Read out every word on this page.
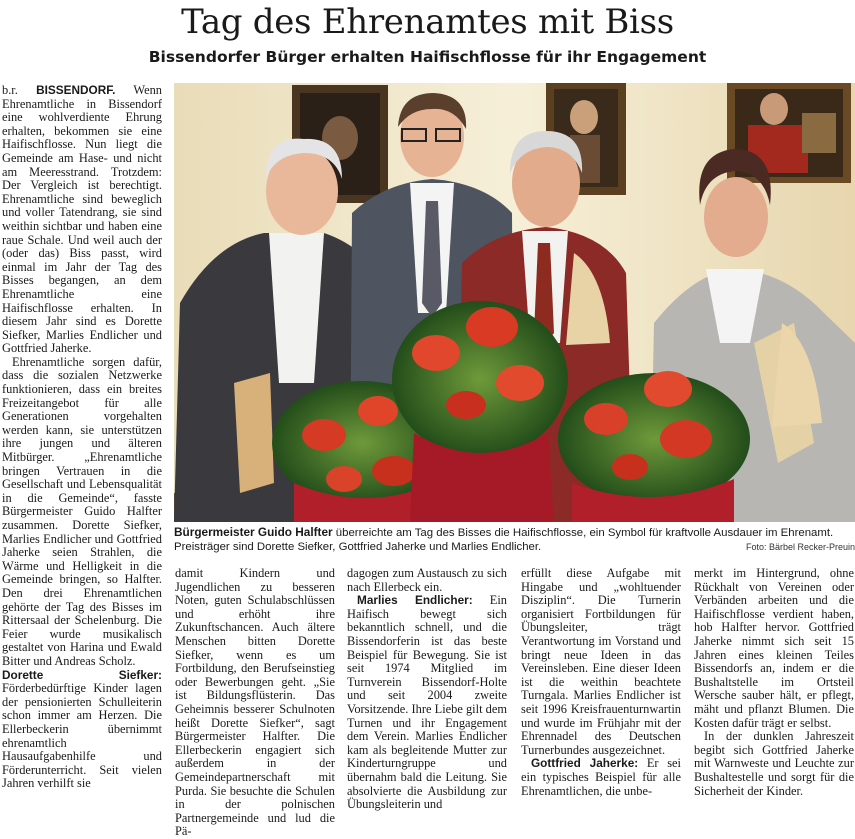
Tag des Ehrenamtes mit Biss
Bissendorfer Bürger erhalten Haifischflosse für ihr Engagement

b.r. BISSENDORF. Wenn Ehrenamtliche in Bissendorf eine wohlverdiente Ehrung erhalten, bekommen sie eine Haifischflosse. Nun liegt die Gemeinde am Hase- und nicht am Meeresstrand. Trotzdem: Der Vergleich ist berechtigt. Ehrenamtliche sind beweglich und voller Tatendrang, sie sind weithin sichtbar und haben eine raue Schale. Und weil auch der (oder das) Biss passt, wird einmal im Jahr der Tag des Bisses begangen, an dem Ehrenamtliche eine Haifischflosse erhalten. In diesem Jahr sind es Dorette Siefker, Marlies Endlicher und Gottfried Jaherke.

Ehrenamtliche sorgen dafür, dass die sozialen Netzwerke funktionieren, dass ein breites Freizeitangebot für alle Generationen vorgehalten werden kann, sie unterstützen ihre jungen und älteren Mitbürger. „Ehrenamtliche bringen Vertrauen in die Gesellschaft und Lebensqualität in die Gemeinde“, fasste Bürgermeister Guido Halfter zusammen. Dorette Siefker, Marlies Endlicher und Gottfried Jaherke seien Strahlen, die Wärme und Helligkeit in die Gemeinde bringen, so Halfter. Den drei Ehrenamtlichen gehörte der Tag des Bisses im Rittersaal der Schelenburg. Die Feier wurde musikalisch gestaltet von Harina und Ewald Bitter und Andreas Scholz.

Dorette Siefker: Förderbedürftige Kinder lagen der pensionierten Schulleiterin schon immer am Herzen. Die Ellerbeckerin übernimmt ehrenamtlich Hausaufgabenhilfe und Förderunterricht. Seit vielen Jahren verhilft sie

Bürgermeister Guido Halfter überreichte am Tag des Bisses die Haifischflosse, ein Symbol für kraftvolle Ausdauer im Ehrenamt. Preisträger sind Dorette Siefker, Gottfried Jaherke und Marlies Endlicher.	Foto: Bärbel Recker-Preuin

damit Kindern und Jugendlichen zu besseren Noten, guten Schulabschlüssen und erhöht ihre Zukunftschancen. Auch ältere Menschen bitten Dorette Siefker, wenn es um Fortbildung, den Berufseinstieg oder Bewerbungen geht. „Sie ist Bildungsflüsterin. Das Geheimnis besserer Schulnoten heißt Dorette Siefker“, sagt Bürgermeister Halfter. Die Ellerbeckerin engagiert sich außerdem in der Gemeindepartnerschaft mit Purda. Sie besuchte die Schulen in der polnischen Partnergemeinde und lud die Pä-

dagogen zum Austausch zu sich nach Ellerbeck ein.

Marlies Endlicher: Ein Haifisch bewegt sich bekanntlich schnell, und die Bissendorferin ist das beste Beispiel für Bewegung. Sie ist seit 1974 Mitglied im Turnverein Bissendorf-Holte und seit 2004 zweite Vorsitzende. Ihre Liebe gilt dem Turnen und ihr Engagement dem Verein. Marlies Endlicher kam als begleitende Mutter zur Kinderturngruppe und übernahm bald die Leitung. Sie absolvierte die Ausbildung zur Übungsleiterin und

erfüllt diese Aufgabe mit Hingabe und „wohltuender Disziplin“. Die Turnerin organisiert Fortbildungen für Übungsleiter, trägt Verantwortung im Vorstand und bringt neue Ideen in das Vereinsleben. Eine dieser Ideen ist die weithin beachtete Turngala. Marlies Endlicher ist seit 1996 Kreisfrauenturnwartin und wurde im Frühjahr mit der Ehrennadel des Deutschen Turnerbundes ausgezeichnet.

Gottfried Jaherke: Er sei ein typisches Beispiel für alle Ehrenamtlichen, die unbe-

merkt im Hintergrund, ohne Rückhalt von Vereinen oder Verbänden arbeiten und die Haifischflosse verdient haben, hob Halfter hervor. Gottfried Jaherke nimmt sich seit 15 Jahren eines kleinen Teiles Bissendorfs an, indem er die Bushaltstelle im Ortsteil Wersche sauber hält, er pflegt, mäht und pflanzt Blumen. Die Kosten dafür trägt er selbst.

In der dunklen Jahreszeit begibt sich Gottfried Jaherke mit Warnweste und Leuchte zur Bushaltestelle und sorgt für die Sicherheit der Kinder.
